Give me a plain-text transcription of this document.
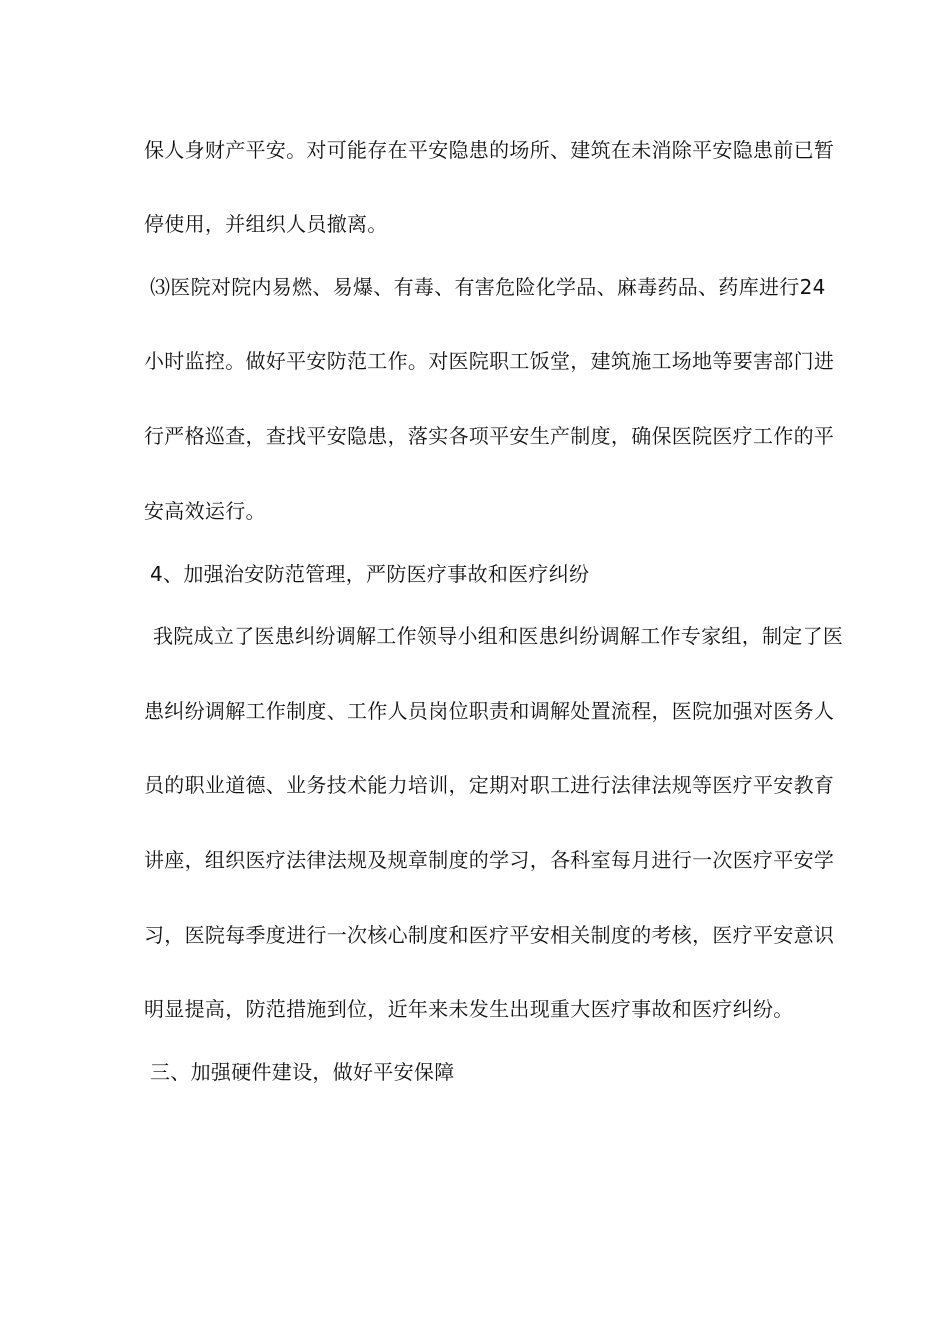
保人身财产平安。对可能存在平安隐患的场所、建筑在未消除平安隐患前已暂
停使用，并组织人员撤离。
⑶医院对院内易燃、易爆、有毒、有害危险化学品、麻毒药品、药库进行24
小时监控。做好平安防范工作。对医院职工饭堂，建筑施工场地等要害部门进
行严格巡查，查找平安隐患，落实各项平安生产制度，确保医院医疗工作的平
安高效运行。
4、加强治安防范管理，严防医疗事故和医疗纠纷
我院成立了医患纠纷调解工作领导小组和医患纠纷调解工作专家组，制定了医
患纠纷调解工作制度、工作人员岗位职责和调解处置流程，医院加强对医务人
员的职业道德、业务技术能力培训，定期对职工进行法律法规等医疗平安教育
讲座，组织医疗法律法规及规章制度的学习，各科室每月进行一次医疗平安学
习，医院每季度进行一次核心制度和医疗平安相关制度的考核，医疗平安意识
明显提高，防范措施到位，近年来未发生出现重大医疗事故和医疗纠纷。
三、加强硬件建设，做好平安保障
